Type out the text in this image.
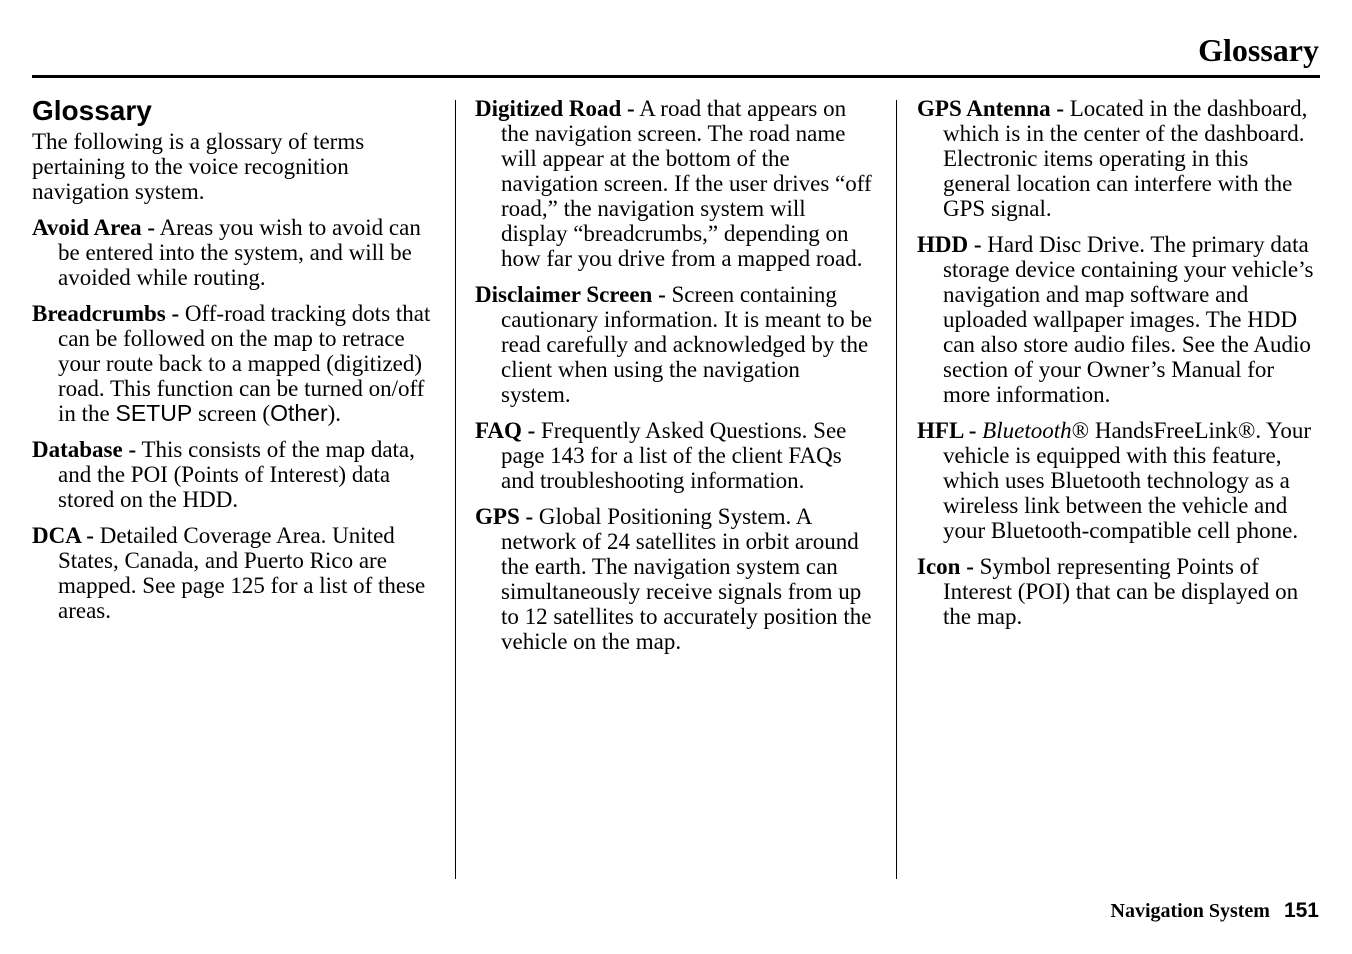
Glossary
Glossary

The following is a glossary of terms pertaining to the voice recognition navigation system.

Avoid Area - Areas you wish to avoid can be entered into the system, and will be avoided while routing.

Breadcrumbs - Off-road tracking dots that can be followed on the map to retrace your route back to a mapped (digitized) road. This function can be turned on/off in the SETUP screen (Other).

Database - This consists of the map data, and the POI (Points of Interest) data stored on the HDD.

DCA - Detailed Coverage Area. United States, Canada, and Puerto Rico are mapped. See page 125 for a list of these areas.

Digitized Road - A road that appears on the navigation screen. The road name will appear at the bottom of the navigation screen. If the user drives “off road,” the navigation system will display “breadcrumbs,” depending on how far you drive from a mapped road.

Disclaimer Screen - Screen containing cautionary information. It is meant to be read carefully and acknowledged by the client when using the navigation system.

FAQ - Frequently Asked Questions. See page 143 for a list of the client FAQs and troubleshooting information.

GPS - Global Positioning System. A network of 24 satellites in orbit around the earth. The navigation system can simultaneously receive signals from up to 12 satellites to accurately position the vehicle on the map.

GPS Antenna - Located in the dashboard, which is in the center of the dashboard. Electronic items operating in this general location can interfere with the GPS signal.

HDD - Hard Disc Drive. The primary data storage device containing your vehicle’s navigation and map software and uploaded wallpaper images. The HDD can also store audio files. See the Audio section of your Owner’s Manual for more information.

HFL - Bluetooth® HandsFreeLink®. Your vehicle is equipped with this feature, which uses Bluetooth technology as a wireless link between the vehicle and your Bluetooth-compatible cell phone.

Icon - Symbol representing Points of Interest (POI) that can be displayed on the map.

Navigation System 151
